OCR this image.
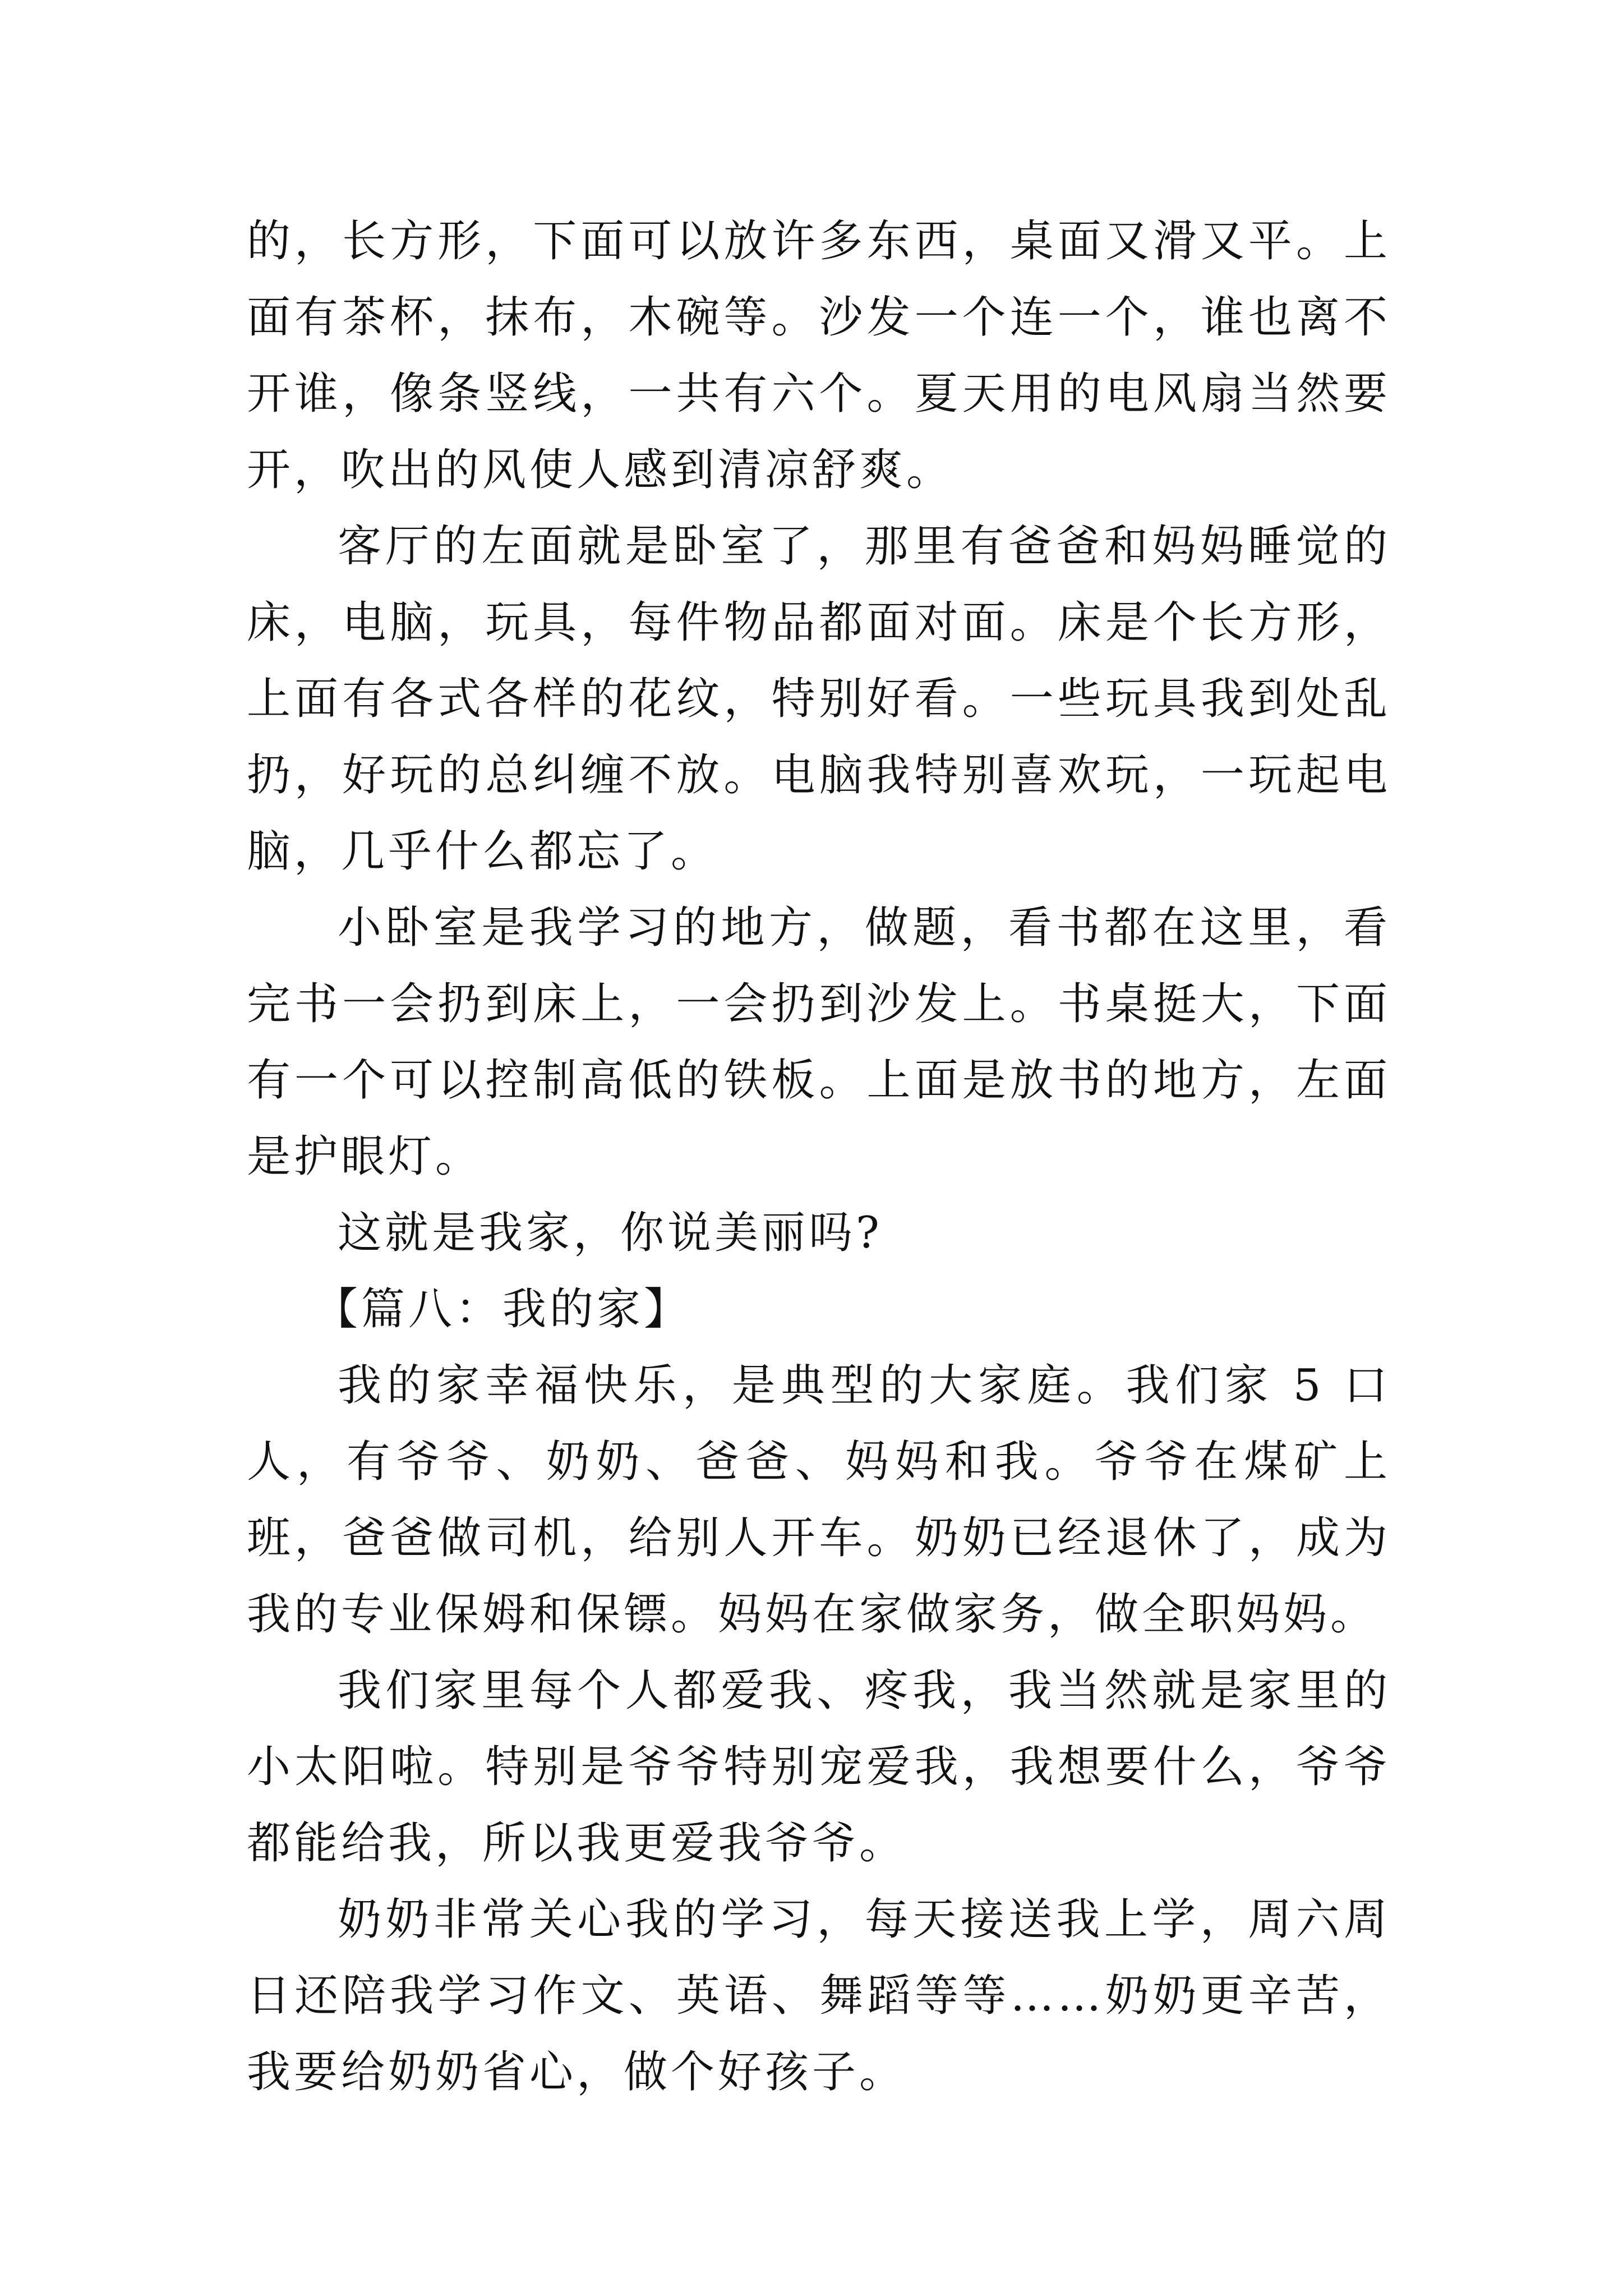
的，长方形，下面可以放许多东西，桌面又滑又平。上面有茶杯，抹布，木碗等。沙发一个连一个，谁也离不开谁，像条竖线，一共有六个。夏天用的电风扇当然要开，吹出的风使人感到清凉舒爽。

客厅的左面就是卧室了，那里有爸爸和妈妈睡觉的床，电脑，玩具，每件物品都面对面。床是个长方形，上面有各式各样的花纹，特别好看。一些玩具我到处乱扔，好玩的总纠缠不放。电脑我特别喜欢玩，一玩起电脑，几乎什么都忘了。

小卧室是我学习的地方，做题，看书都在这里，看完书一会扔到床上，一会扔到沙发上。书桌挺大，下面有一个可以控制高低的铁板。上面是放书的地方，左面是护眼灯。

这就是我家，你说美丽吗?

【篇八：我的家】

我的家幸福快乐，是典型的大家庭。我们家 5 口人，有爷爷、奶奶、爸爸、妈妈和我。爷爷在煤矿上班，爸爸做司机，给别人开车。奶奶已经退休了，成为我的专业保姆和保镖。妈妈在家做家务，做全职妈妈。

我们家里每个人都爱我、疼我，我当然就是家里的小太阳啦。特别是爷爷特别宠爱我，我想要什么，爷爷都能给我，所以我更爱我爷爷。

奶奶非常关心我的学习，每天接送我上学，周六周日还陪我学习作文、英语、舞蹈等等……奶奶更辛苦，我要给奶奶省心，做个好孩子。
